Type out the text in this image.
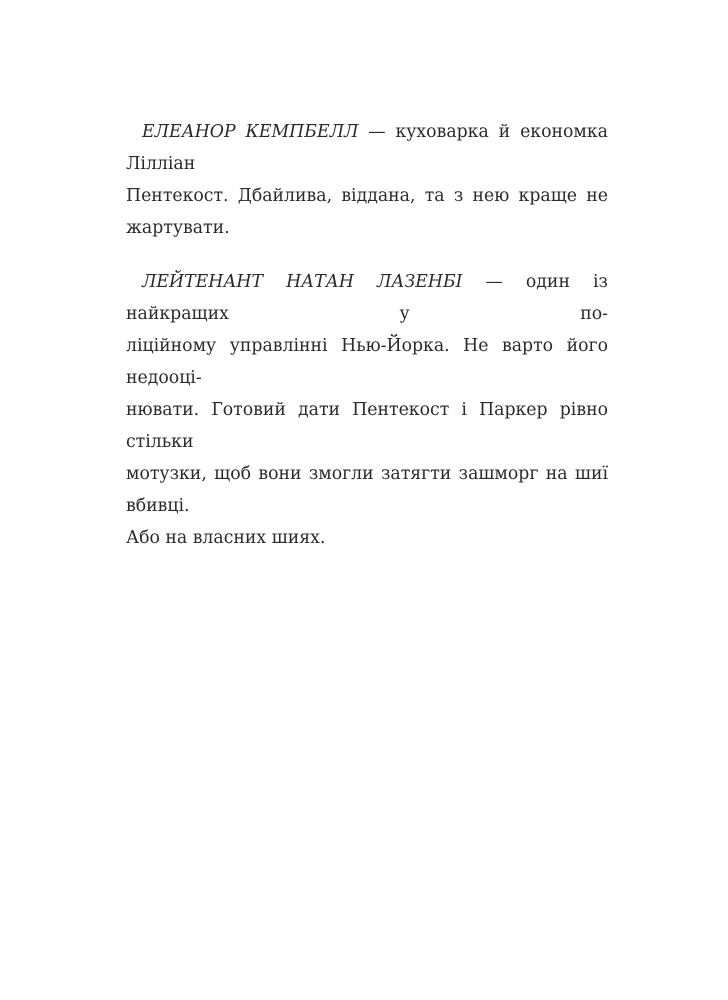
ЕЛЕАНОР КЕМПБЕЛЛ — куховарка й економка Лілліан
Пентекост. Дбайлива, віддана, та з нею краще не жартувати.
ЛЕЙТЕНАНТ НАТАН ЛАЗЕНБІ — один із найкращих у по-
ліційному управлінні Нью-Йорка. Не варто його недооці-
нювати. Готовий дати Пентекост і Паркер рівно стільки
мотузки, щоб вони змогли затягти зашморг на шиї вбивці.
Або на власних шиях.
